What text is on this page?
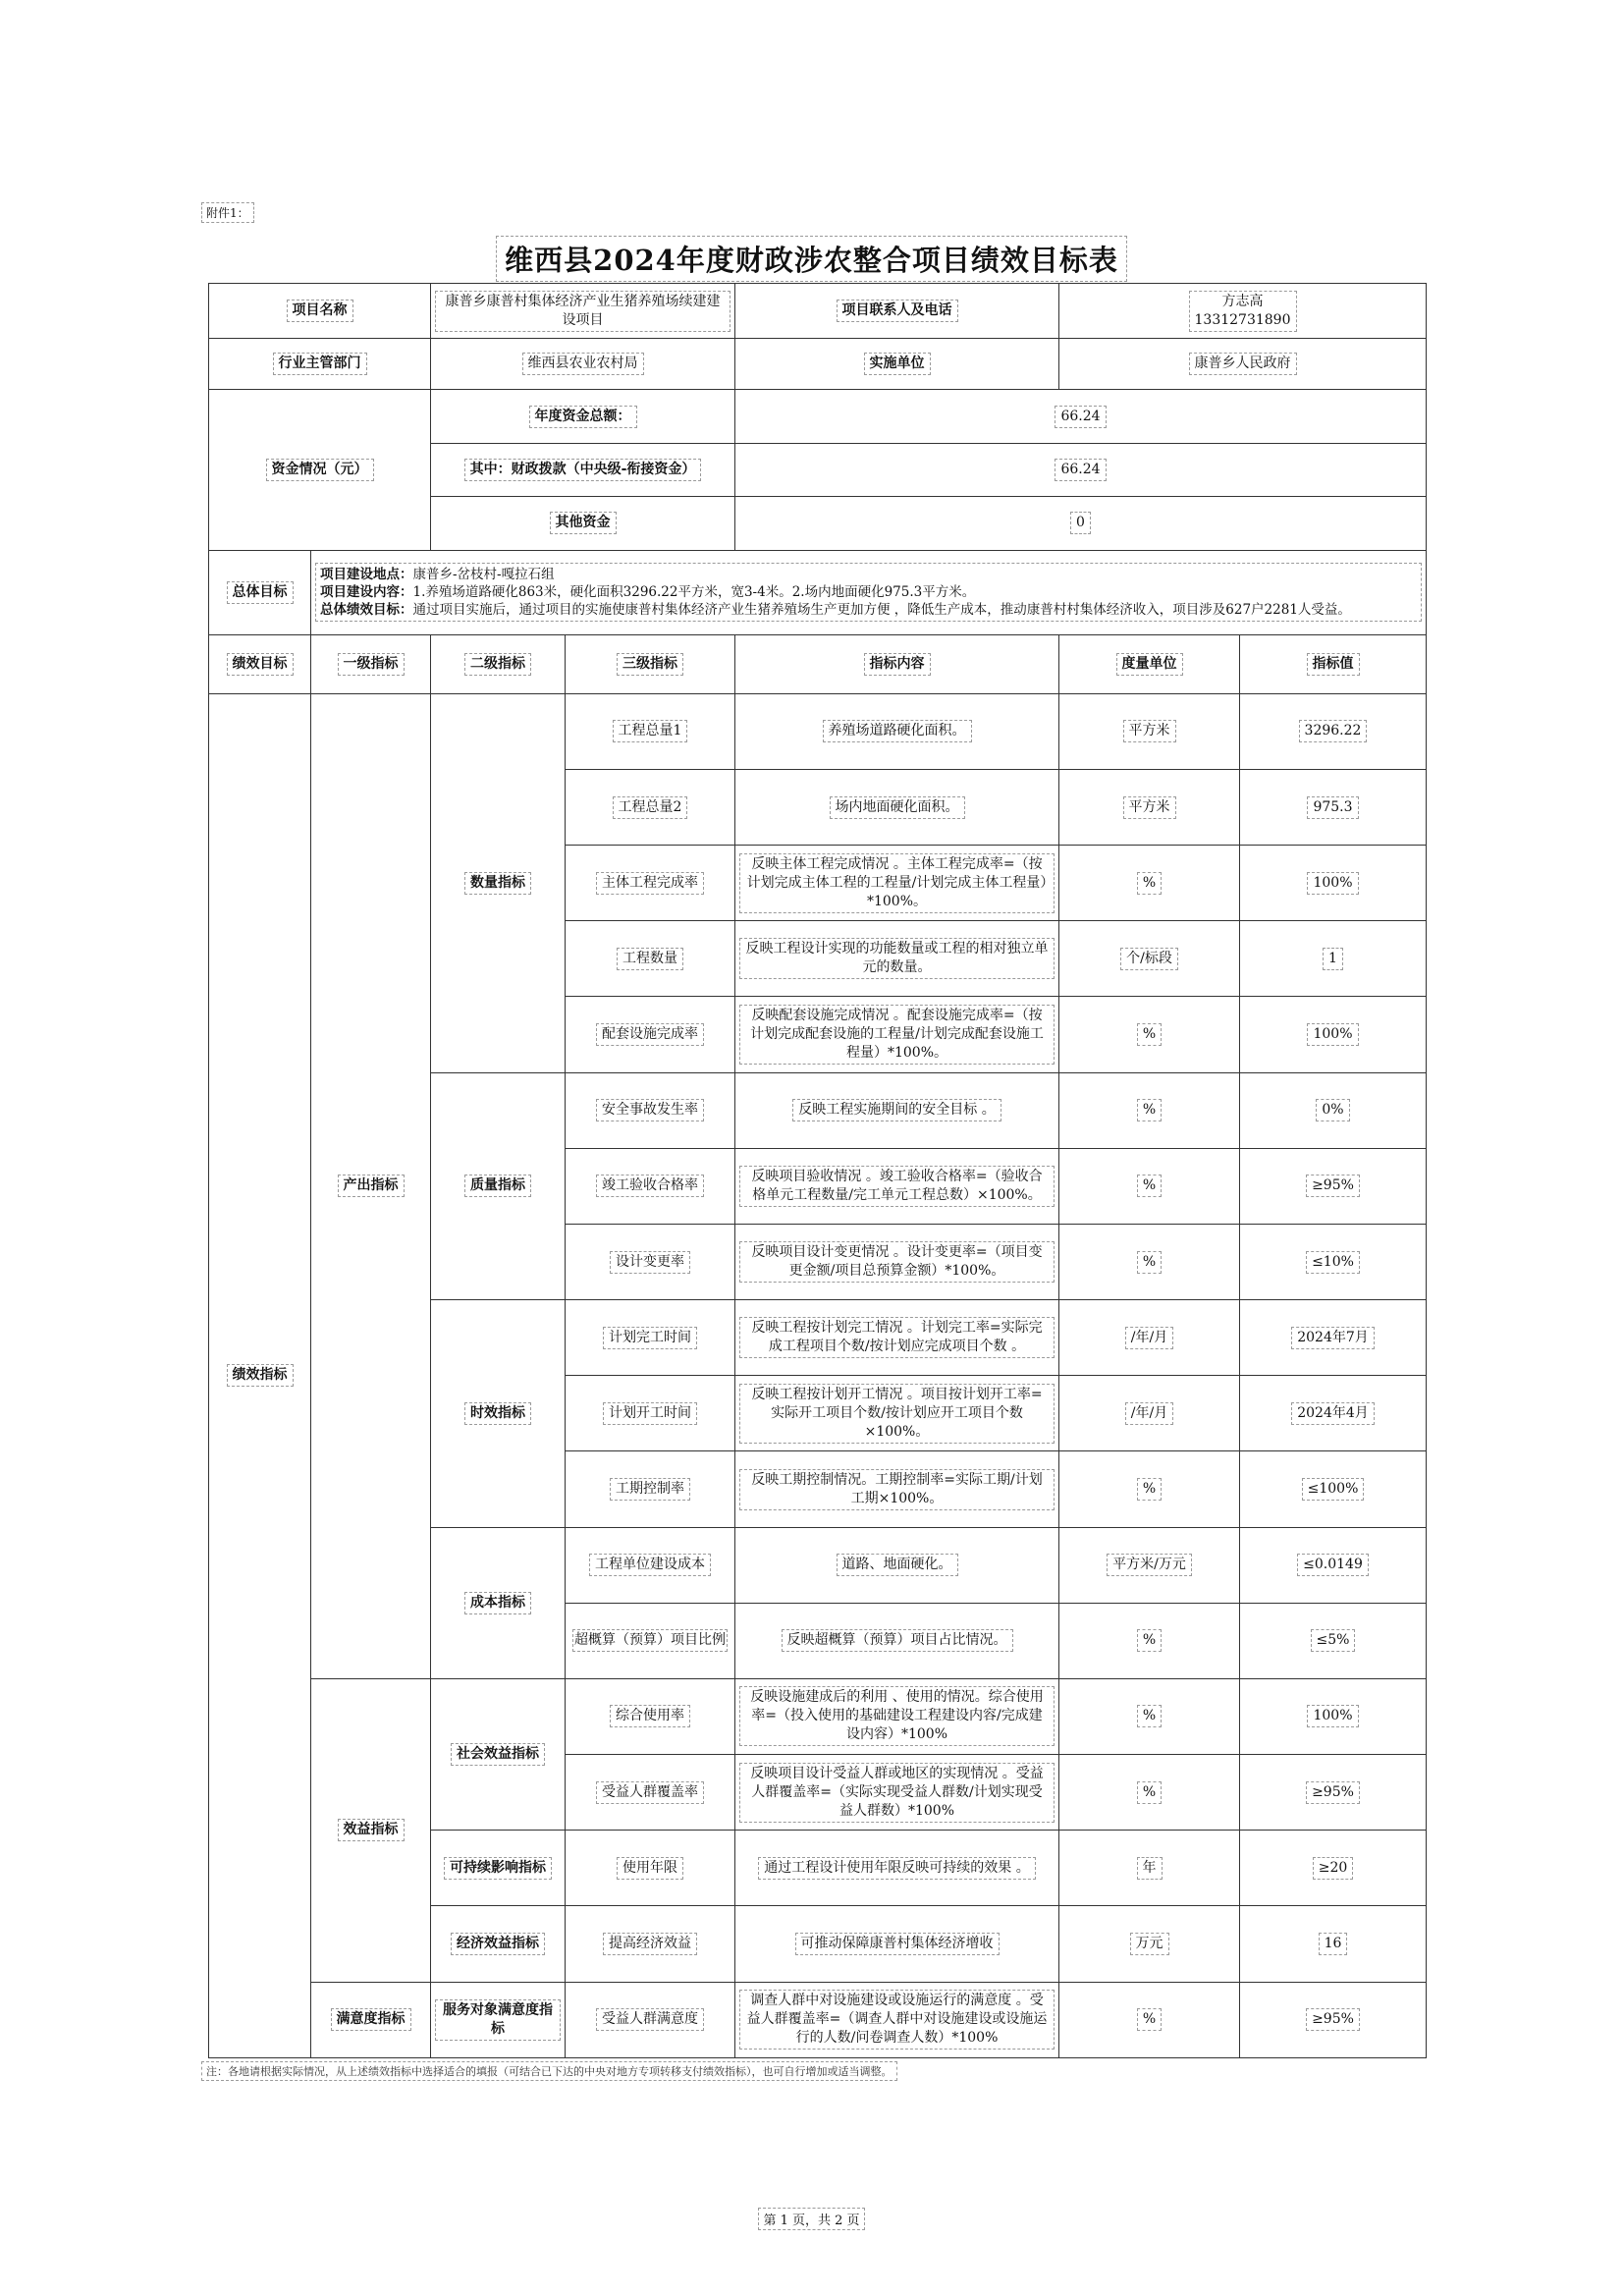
附件1：
维西县2024年度财政涉农整合项目绩效目标表
项目名称		康普乡康普村集体经济产业生猪养殖场续建建设项目		项目联系人及电话	方志高
13312731890	
行业主管部门		维西县农业农村局		实施单位	康普乡人民政府	
资金情况（元）		年度资金总额：		66.24		
		其中：财政拨款（中央级-衔接资金）		66.24		
		其他资金		0		
总体目标	项目建设地点：康普乡-岔枝村-嘎拉石组
项目建设内容：1.养殖场道路硬化863米，硬化面积3296.22平方米，宽3-4米。2.场内地面硬化975.3平方米。
总体绩效目标：通过项目实施后，通过项目的实施使康普村集体经济产业生猪养殖场生产更加方便 ，降低生产成本，推动康普村村集体经济收入，项目涉及627户2281人受益。					

绩效目标	一级指标	二级指标	三级指标	指标内容	度量单位	指标值
绩效指标	产出指标	数量指标	工程总量1	养殖场道路硬化面积。	平方米	3296.22
			工程总量2	场内地面硬化面积。	平方米	975.3
			主体工程完成率	反映主体工程完成情况 。主体工程完成率=（按计划完成主体工程的工程量/计划完成主体工程量）*100%。	%	100%
			工程数量	反映工程设计实现的功能数量或工程的相对独立单元的数量。	个/标段	1
			配套设施完成率	反映配套设施完成情况 。配套设施完成率=（按计划完成配套设施的工程量/计划完成配套设施工程量）*100%。	%	100%
		质量指标	安全事故发生率	反映工程实施期间的安全目标 。	%	0%
			竣工验收合格率	反映项目验收情况 。竣工验收合格率=（验收合格单元工程数量/完工单元工程总数）×100%。	%	≥95%
			设计变更率	反映项目设计变更情况 。设计变更率=（项目变更金额/项目总预算金额）*100%。	%	≤10%
		时效指标	计划完工时间	反映工程按计划完工情况 。计划完工率=实际完成工程项目个数/按计划应完成项目个数 。	/年/月	2024年7月
			计划开工时间	反映工程按计划开工情况 。项目按计划开工率=实际开工项目个数/按计划应开工项目个数×100%。	/年/月	2024年4月
			工期控制率	反映工期控制情况。工期控制率=实际工期/计划工期×100%。	%	≤100%
		成本指标	工程单位建设成本	道路、地面硬化。	平方米/万元	≤0.0149
			超概算（预算）项目比例	反映超概算（预算）项目占比情况。	%	≤5%
	效益指标	社会效益指标	综合使用率	反映设施建成后的利用 、使用的情况。综合使用率=（投入使用的基础建设工程建设内容/完成建设内容）*100%	%	100%
			受益人群覆盖率	反映项目设计受益人群或地区的实现情况 。受益人群覆盖率=（实际实现受益人群数/计划实现受益人群数）*100%	%	≥95%
		可持续影响指标	使用年限	通过工程设计使用年限反映可持续的效果 。	年	≥20
		经济效益指标	提高经济效益	可推动保障康普村集体经济增收	万元	16
	满意度指标	服务对象满意度指标	受益人群满意度	调查人群中对设施建设或设施运行的满意度 。受益人群覆盖率=（调查人群中对设施建设或设施运行的人数/问卷调查人数）*100%	%	≥95%
注：各地请根据实际情况，从上述绩效指标中选择适合的填报（可结合已下达的中央对地方专项转移支付绩效指标），也可自行增加或适当调整。
第 1 页，共 2 页
